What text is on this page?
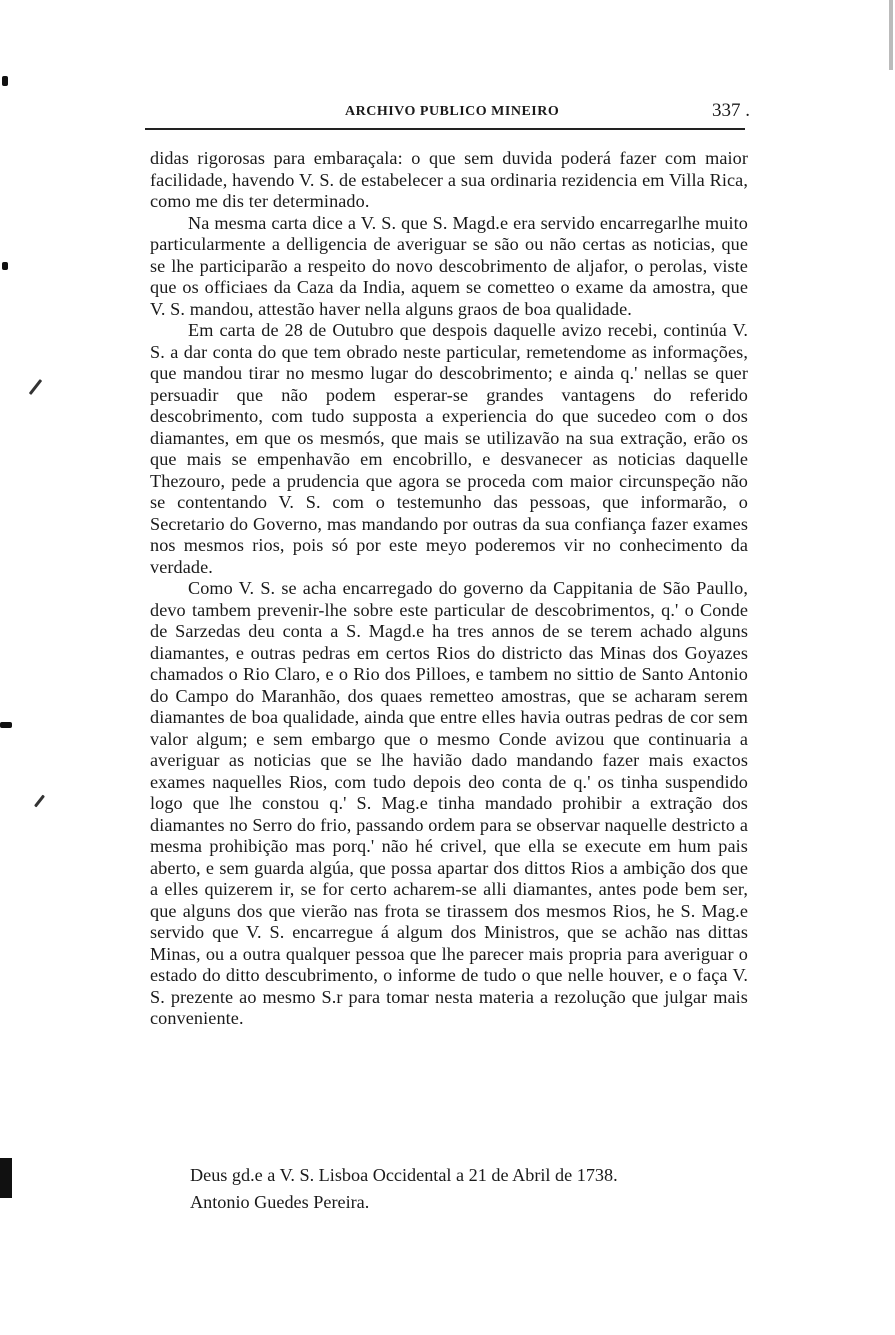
ARCHIVO PUBLICO MINEIRO	337 .

didas rigorosas para embaraçala: o que sem duvida poderá fazer com maior facilidade, havendo V. S. de estabelecer a sua ordinaria rezidencia em Villa Rica, como me dis ter determinado.

Na mesma carta dice a V. S. que S. Magd.e era servido encarregarlhe muito particularmente a delligencia de averiguar se são ou não certas as noticias, que se lhe participarão a respeito do novo descobrimento de aljafor, o perolas, viste que os officiaes da Caza da India, aquem se cometteo o exame da amostra, que V. S. mandou, attestão haver nella alguns graos de boa qualidade.

Em carta de 28 de Outubro que despois daquelle avizo recebi, continúa V. S. a dar conta do que tem obrado neste particular, remetendome as informações, que mandou tirar no mesmo lugar do descobrimento; e ainda q.' nellas se quer persuadir que não podem esperar-se grandes vantagens do referido descobrimento, com tudo supposta a experiencia do que sucedeo com o dos diamantes, em que os mesmós, que mais se utilizavão na sua extração, erão os que mais se empenhavão em encobrillo, e desvanecer as noticias daquelle Thezouro, pede a prudencia que agora se proceda com maior circunspeção não se contentando V. S. com o testemunho das pessoas, que informarão, o Secretario do Governo, mas mandando por outras da sua confiança fazer exames nos mesmos rios, pois só por este meyo poderemos vir no conhecimento da verdade.

Como V. S. se acha encarregado do governo da Cappitania de São Paullo, devo tambem prevenir-lhe sobre este particular de descobrimentos, q.' o Conde de Sarzedas deu conta a S. Magd.e ha tres annos de se terem achado alguns diamantes, e outras pedras em certos Rios do districto das Minas dos Goyazes chamados o Rio Claro, e o Rio dos Pilloes, e tambem no sittio de Santo Antonio do Campo do Maranhão, dos quaes remetteo amostras, que se acharam serem diamantes de boa qualidade, ainda que entre elles havia outras pedras de cor sem valor algum; e sem embargo que o mesmo Conde avizou que continuaria a averiguar as noticias que se lhe havião dado mandando fazer mais exactos exames naquelles Rios, com tudo depois deo conta de q.' os tinha suspendido logo que lhe constou q.' S. Mag.e tinha mandado prohibir a extração dos diamantes no Serro do frio, passando ordem para se observar naquelle destricto a mesma prohibição mas porq.' não hé crivel, que ella se execute em hum pais aberto, e sem guarda algúa, que possa apartar dos dittos Rios a ambição dos que a elles quizerem ir, se for certo acharem-se alli diamantes, antes pode bem ser, que alguns dos que vierão nas frota se tirassem dos mesmos Rios, he S. Mag.e servido que V. S. encarregue á algum dos Ministros, que se achão nas dittas Minas, ou a outra qualquer pessoa que lhe parecer mais propria para averiguar o estado do ditto descubrimento, o informe de tudo o que nelle houver, e o faça V. S. prezente ao mesmo S.r para tomar nesta materia a rezolução que julgar mais conveniente.

Deus gd.e a V. S. Lisboa Occidental a 21 de Abril de 1738.
Antonio Guedes Pereira.
